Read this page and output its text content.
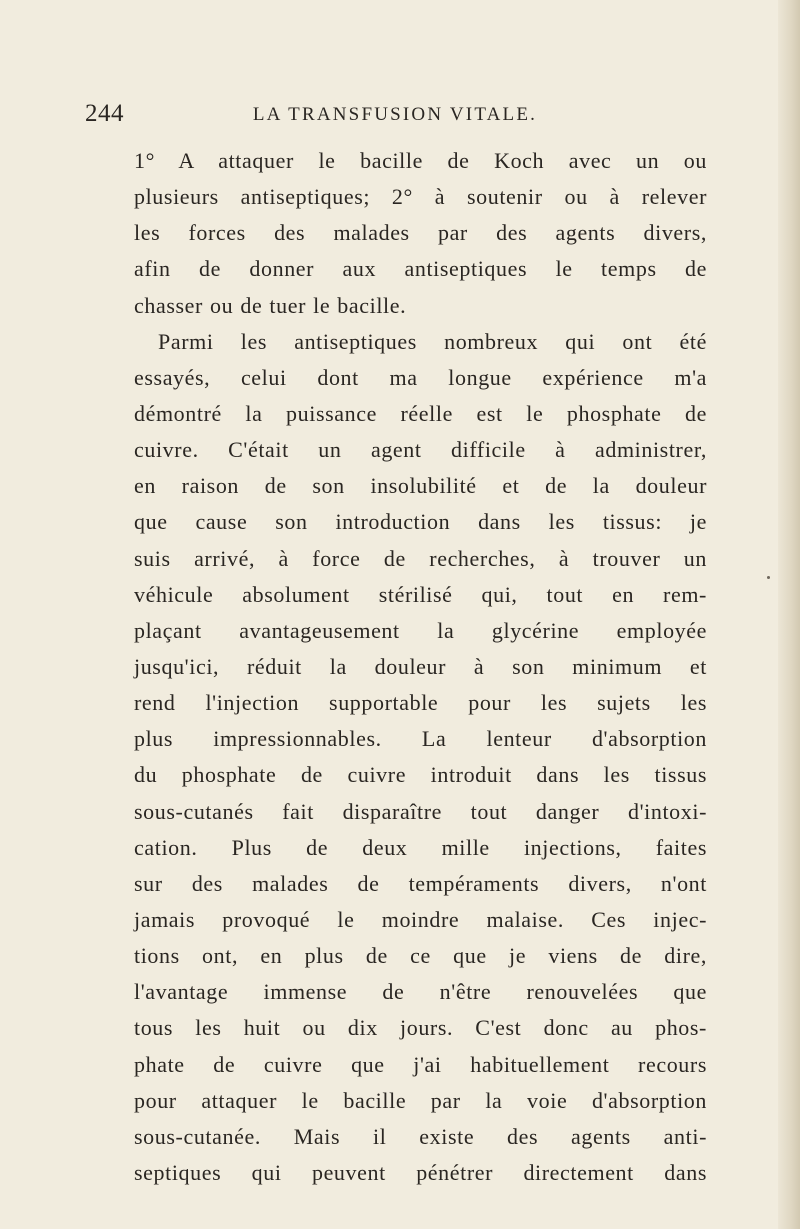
244	LA TRANSFUSION VITALE.
1° A attaquer le bacille de Koch avec un ou
plusieurs antiseptiques; 2° à soutenir ou à relever
les forces des malades par des agents divers,
afin de donner aux antiseptiques le temps de
chasser ou de tuer le bacille.
Parmi les antiseptiques nombreux qui ont été
essayés, celui dont ma longue expérience m'a
démontré la puissance réelle est le phosphate de
cuivre. C'était un agent difficile à administrer,
en raison de son insolubilité et de la douleur
que cause son introduction dans les tissus: je
suis arrivé, à force de recherches, à trouver un
véhicule absolument stérilisé qui, tout en rem-
plaçant avantageusement la glycérine employée
jusqu'ici, réduit la douleur à son minimum et
rend l'injection supportable pour les sujets les
plus impressionnables. La lenteur d'absorption
du phosphate de cuivre introduit dans les tissus
sous-cutanés fait disparaître tout danger d'intoxi-
cation. Plus de deux mille injections, faites
sur des malades de tempéraments divers, n'ont
jamais provoqué le moindre malaise. Ces injec-
tions ont, en plus de ce que je viens de dire,
l'avantage immense de n'être renouvelées que
tous les huit ou dix jours. C'est donc au phos-
phate de cuivre que j'ai habituellement recours
pour attaquer le bacille par la voie d'absorption
sous-cutanée. Mais il existe des agents anti-
septiques qui peuvent pénétrer directement dans
